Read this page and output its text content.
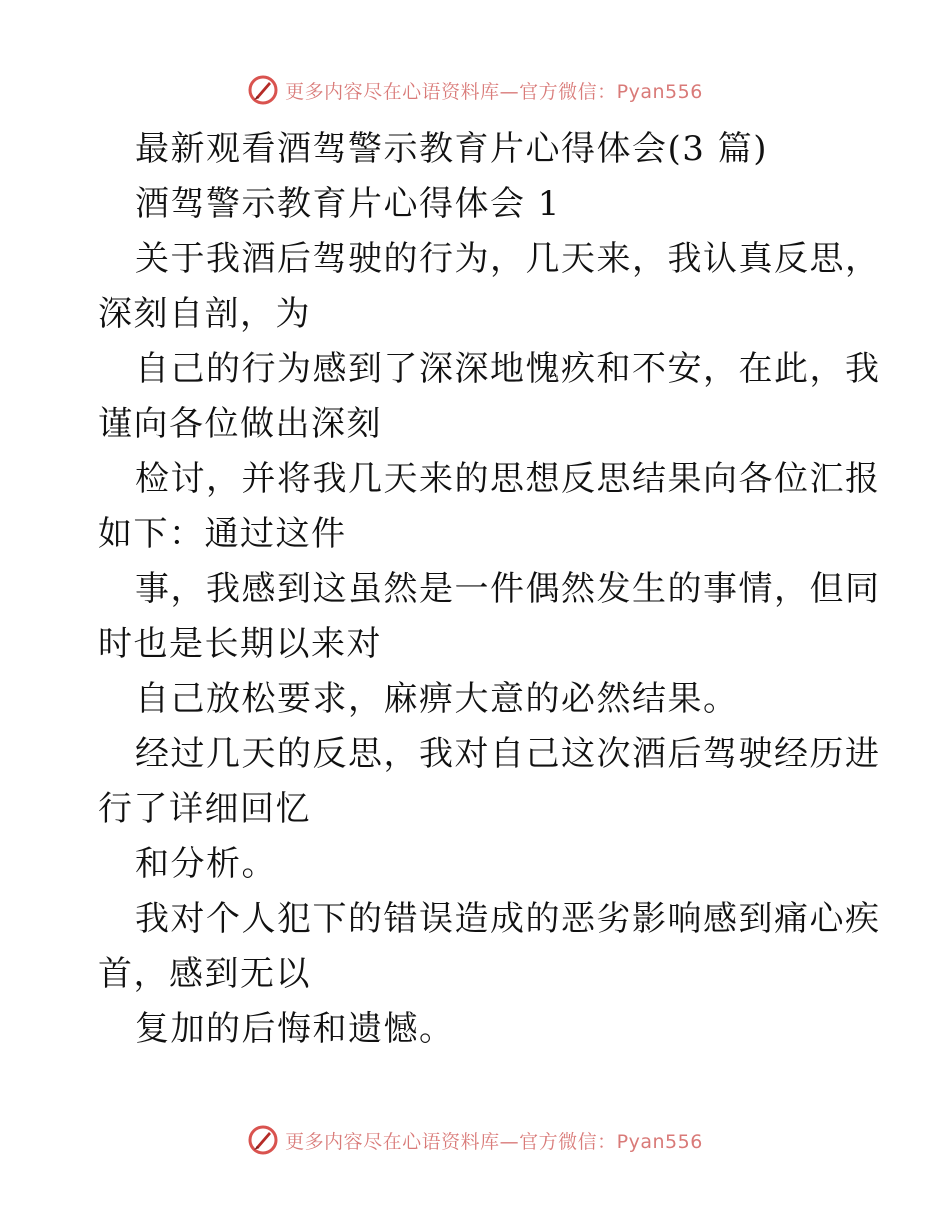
更多内容尽在心语资料库—官方微信：Pyan556
最新观看酒驾警示教育片心得体会(3 篇)
酒驾警示教育片心得体会 1
关于我酒后驾驶的行为，几天来，我认真反思，
深刻自剖，为
自己的行为感到了深深地愧疚和不安，在此，我
谨向各位做出深刻
检讨，并将我几天来的思想反思结果向各位汇报
如下：通过这件
事，我感到这虽然是一件偶然发生的事情，但同
时也是长期以来对
自己放松要求，麻痹大意的必然结果。
经过几天的反思，我对自己这次酒后驾驶经历进
行了详细回忆
和分析。
我对个人犯下的错误造成的恶劣影响感到痛心疾
首，感到无以
复加的后悔和遗憾。
更多内容尽在心语资料库—官方微信：Pyan556
